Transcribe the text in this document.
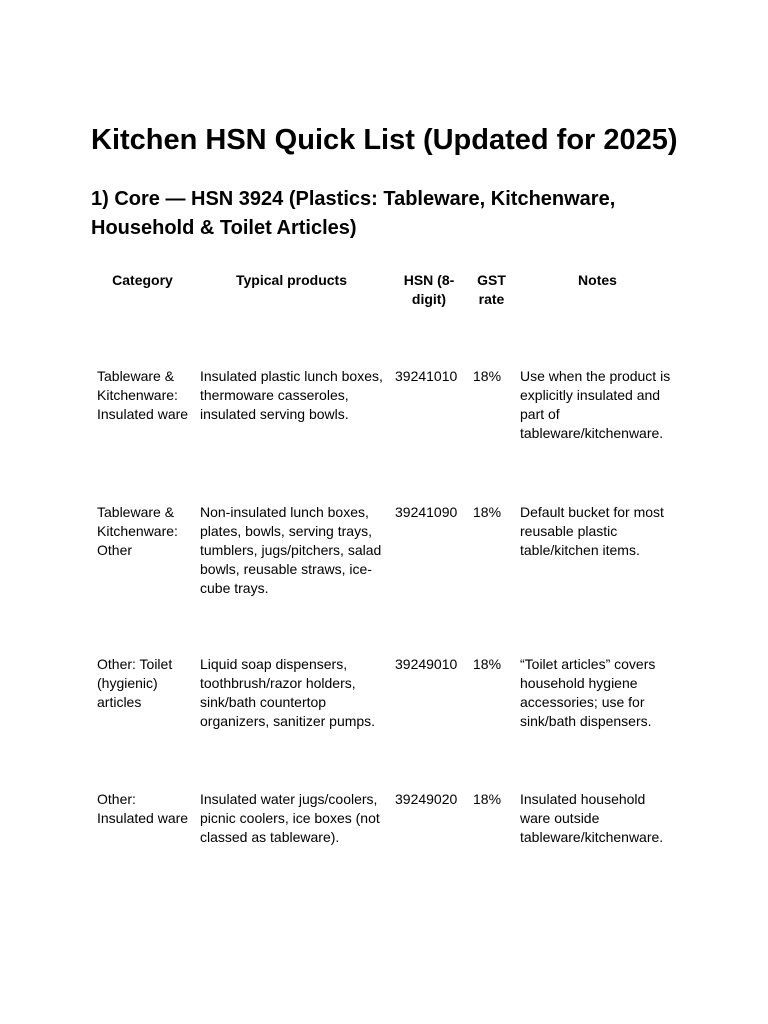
Kitchen HSN Quick List (Updated for 2025)
1) Core — HSN 3924 (Plastics: Tableware, Kitchenware, Household & Toilet Articles)
Category	Typical products	HSN (8-digit)	GST rate	Notes
Tableware & Kitchenware: Insulated ware	Insulated plastic lunch boxes, thermoware casseroles, insulated serving bowls.	39241010	18%	Use when the product is explicitly insulated and part of tableware/kitchenware.
Tableware & Kitchenware: Other	Non-insulated lunch boxes, plates, bowls, serving trays, tumblers, jugs/pitchers, salad bowls, reusable straws, ice-cube trays.	39241090	18%	Default bucket for most reusable plastic table/kitchen items.
Other: Toilet (hygienic) articles	Liquid soap dispensers, toothbrush/razor holders, sink/bath countertop organizers, sanitizer pumps.	39249010	18%	“Toilet articles” covers household hygiene accessories; use for sink/bath dispensers.
Other: Insulated ware	Insulated water jugs/coolers, picnic coolers, ice boxes (not classed as tableware).	39249020	18%	Insulated household ware outside tableware/kitchenware.
